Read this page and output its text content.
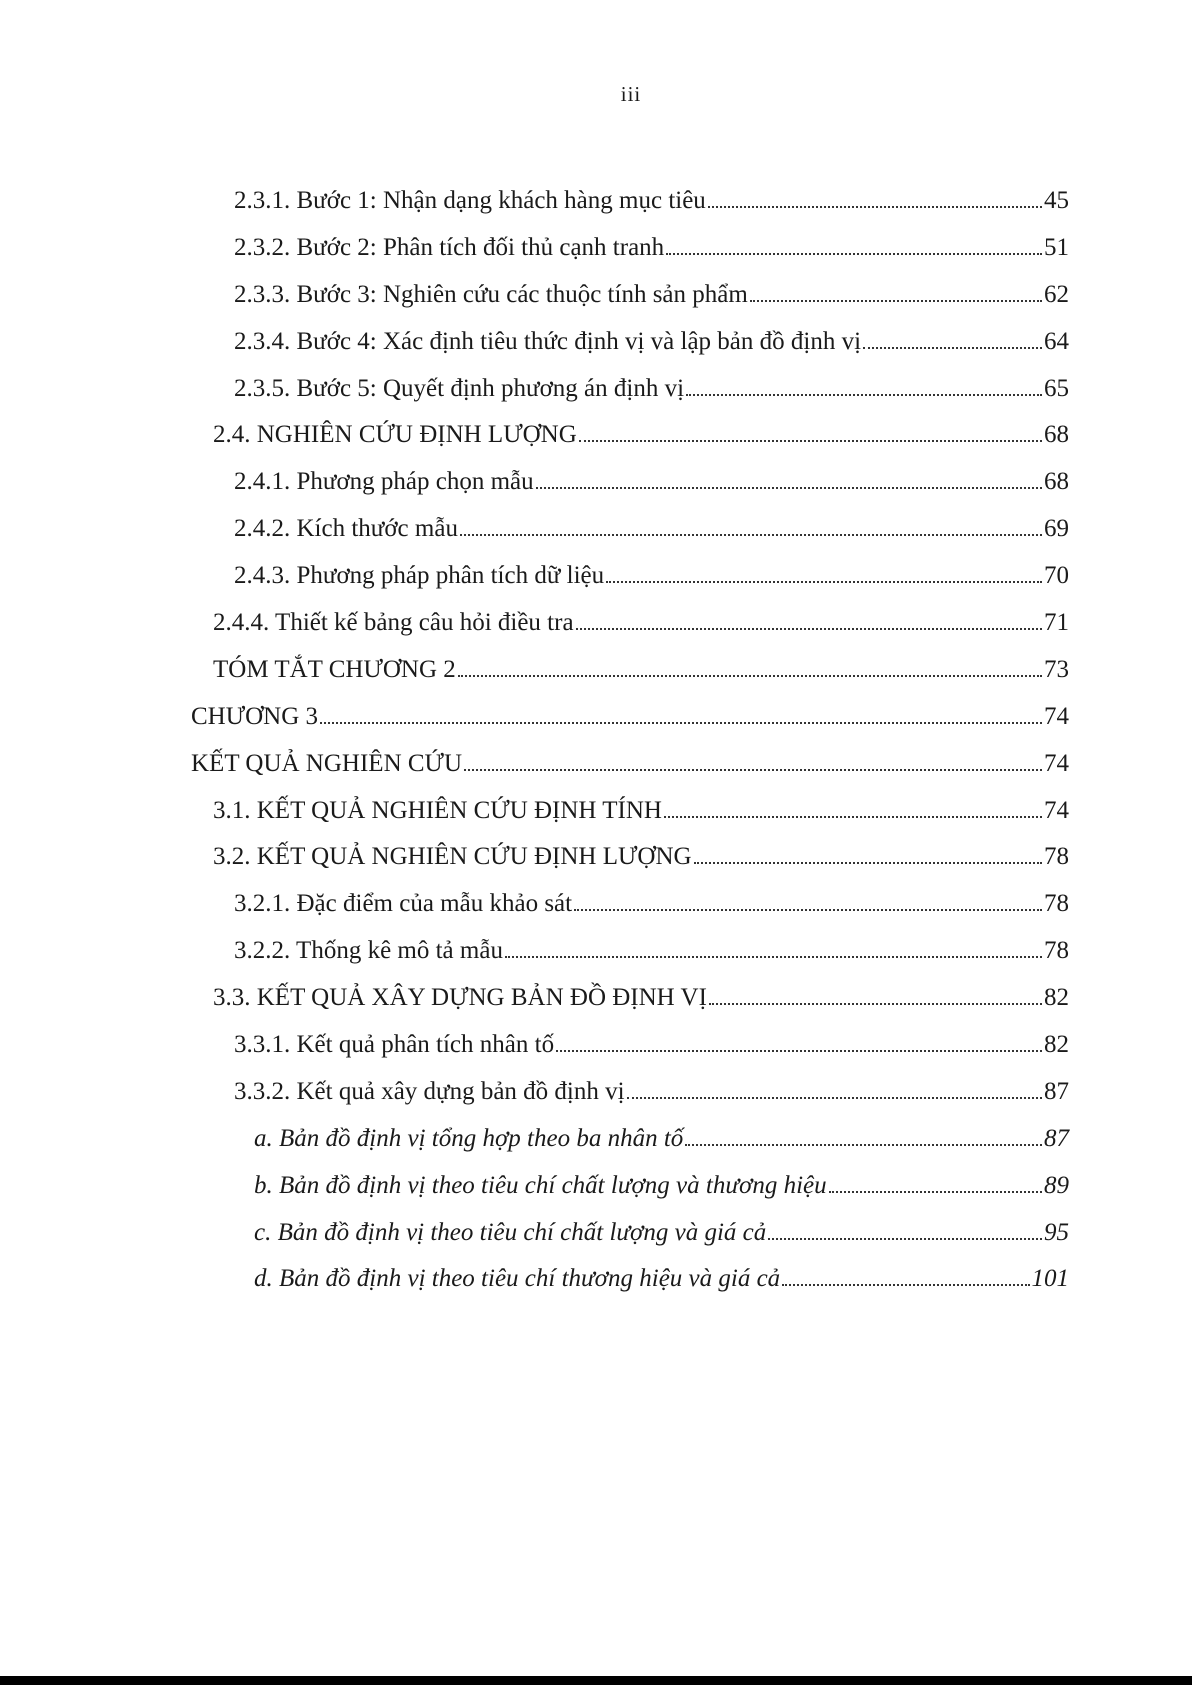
iii
2.3.1. Bước 1: Nhận dạng khách hàng mục tiêu	45
2.3.2. Bước 2: Phân tích đối thủ cạnh tranh	51
2.3.3. Bước 3: Nghiên cứu các thuộc tính sản phẩm	62
2.3.4. Bước 4: Xác định tiêu thức định vị và lập bản đồ định vị	64
2.3.5. Bước 5: Quyết định phương án định vị	65
2.4. NGHIÊN CỨU ĐỊNH LƯỢNG	68
2.4.1. Phương pháp chọn mẫu	68
2.4.2. Kích thước mẫu	69
2.4.3. Phương pháp phân tích dữ liệu	70
2.4.4. Thiết kế bảng câu hỏi điều tra	71
TÓM TẮT CHƯƠNG 2	73
CHƯƠNG 3	74
KẾT QUẢ NGHIÊN CỨU	74
3.1. KẾT QUẢ NGHIÊN CỨU ĐỊNH TÍNH	74
3.2. KẾT QUẢ NGHIÊN CỨU ĐỊNH LƯỢNG	78
3.2.1. Đặc điểm của mẫu khảo sát	78
3.2.2. Thống kê mô tả mẫu	78
3.3. KẾT QUẢ XÂY DỰNG BẢN ĐỒ ĐỊNH VỊ	82
3.3.1. Kết quả phân tích nhân tố	82
3.3.2. Kết quả xây dựng bản đồ định vị	87
a. Bản đồ định vị tổng hợp theo ba nhân tố	87
b. Bản đồ định vị theo tiêu chí chất lượng và thương hiệu	89
c. Bản đồ định vị theo tiêu chí chất lượng và giá cả	95
d. Bản đồ định vị theo tiêu chí thương hiệu và giá cả	101
